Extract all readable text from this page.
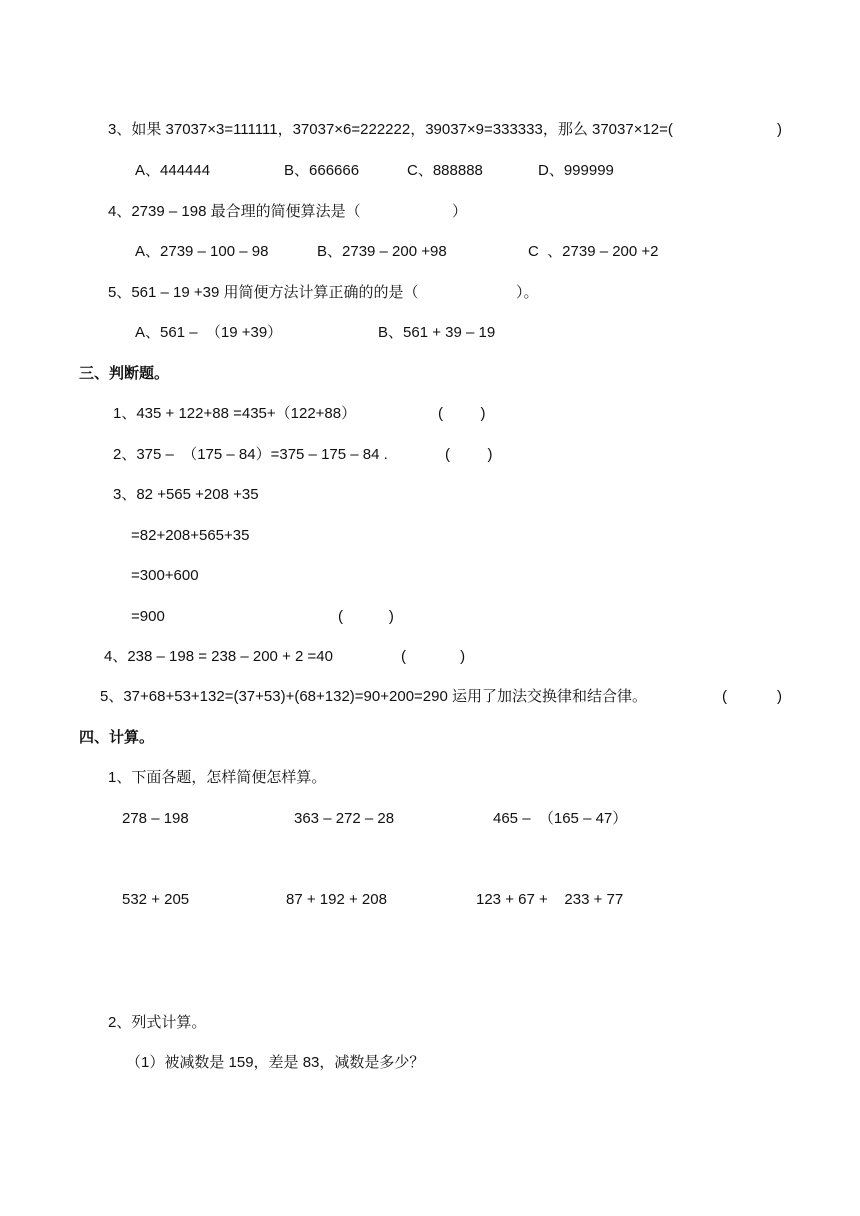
3、如果 37037×3=111111，37037×6=222222，39037×9=333333，那么 37037×12=(	)
A、444444	B、666666	C、888888	D、999999
4、2739 – 198 最合理的简便算法是（	）
A、2739 – 100 – 98	B、2739 – 200 +98	C  、2739 – 200 +2
5、561 – 19 +39 用简便方法计算正确的的是（	）。
A、561 –  （19 +39）	B、561 + 39 – 19
三、判断题。
1、435 + 122+88 =435+（122+88）	(         )
2、375 –  （175 – 84）=375 – 175 – 84 .	(         )
3、82 +565 +208 +35
=82+208+565+35
=300+600
=900	(           )
4、238 – 198 = 238 – 200 + 2 =40	(             )
5、37+68+53+132=(37+53)+(68+132)=90+200=290 运用了加法交换律和结合律。	(            )
四、计算。
1、下面各题，怎样简便怎样算。
278 – 198	363 – 272 – 28	465 –  （165 – 47）
532 + 205	87 + 192 + 208	123 + 67 +    233 + 77
2、列式计算。
（1）被减数是 159，差是 83，减数是多少？
